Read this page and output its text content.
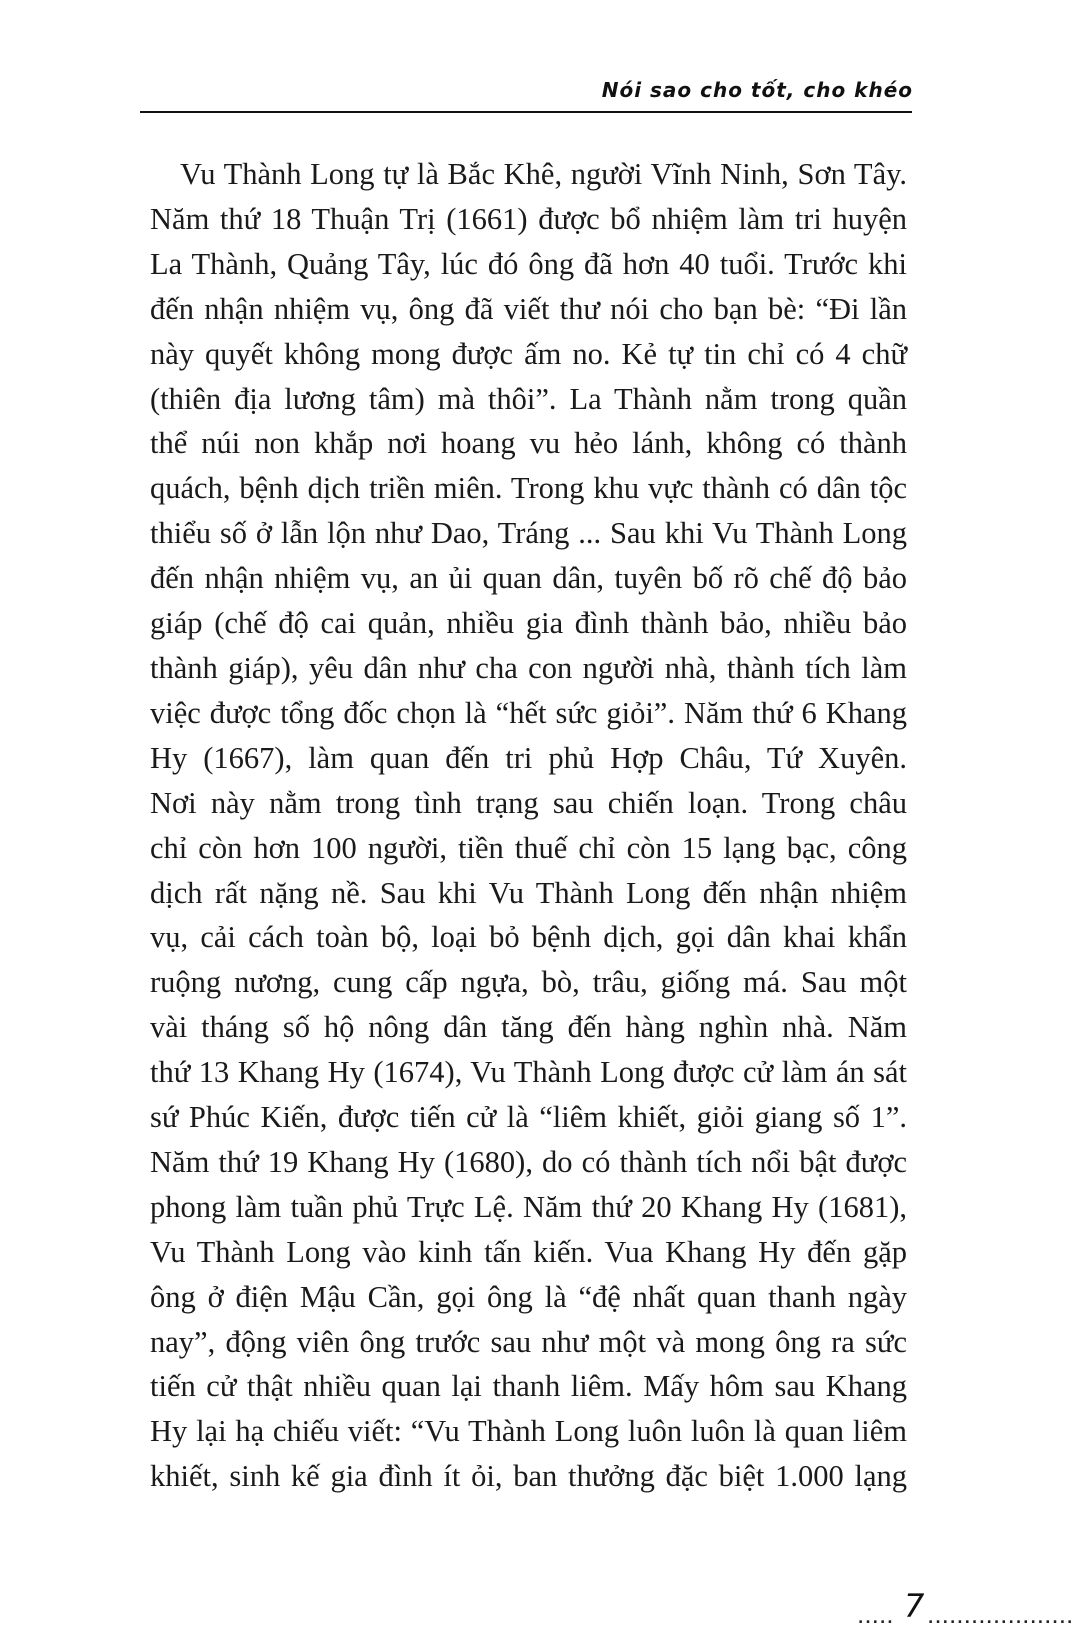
Nói sao cho tốt, cho khéo
Vu Thành Long tự là Bắc Khê, người Vĩnh Ninh, Sơn Tây.
Năm thứ 18 Thuận Trị (1661) được bổ nhiệm làm tri huyện
La Thành, Quảng Tây, lúc đó ông đã hơn 40 tuổi. Trước khi
đến nhận nhiệm vụ, ông đã viết thư nói cho bạn bè: “Đi lần
này quyết không mong được ấm no. Kẻ tự tin chỉ có 4 chữ
(thiên địa lương tâm) mà thôi”. La Thành nằm trong quần
thể núi non khắp nơi hoang vu hẻo lánh, không có thành
quách, bệnh dịch triền miên. Trong khu vực thành có dân tộc
thiểu số ở lẫn lộn như Dao, Tráng ... Sau khi Vu Thành Long
đến nhận nhiệm vụ, an ủi quan dân, tuyên bố rõ chế độ bảo
giáp (chế độ cai quản, nhiều gia đình thành bảo, nhiều bảo
thành giáp), yêu dân như cha con người nhà, thành tích làm
việc được tổng đốc chọn là “hết sức giỏi”. Năm thứ 6 Khang
Hy (1667), làm quan đến tri phủ Hợp Châu, Tứ Xuyên.
Nơi này nằm trong tình trạng sau chiến loạn. Trong châu
chỉ còn hơn 100 người, tiền thuế chỉ còn 15 lạng bạc, công
dịch rất nặng nề. Sau khi Vu Thành Long đến nhận nhiệm
vụ, cải cách toàn bộ, loại bỏ bệnh dịch, gọi dân khai khẩn
ruộng nương, cung cấp ngựa, bò, trâu, giống má. Sau một
vài tháng số hộ nông dân tăng đến hàng nghìn nhà. Năm
thứ 13 Khang Hy (1674), Vu Thành Long được cử làm án sát
sứ Phúc Kiến, được tiến cử là “liêm khiết, giỏi giang số 1”.
Năm thứ 19 Khang Hy (1680), do có thành tích nổi bật được
phong làm tuần phủ Trực Lệ. Năm thứ 20 Khang Hy (1681),
Vu Thành Long vào kinh tấn kiến. Vua Khang Hy đến gặp
ông ở điện Mậu Cần, gọi ông là “đệ nhất quan thanh ngày
nay”, động viên ông trước sau như một và mong ông ra sức
tiến cử thật nhiều quan lại thanh liêm. Mấy hôm sau Khang
Hy lại hạ chiếu viết: “Vu Thành Long luôn luôn là quan liêm
khiết, sinh kế gia đình ít ỏi, ban thưởng đặc biệt 1.000 lạng
..... 7 ....................
